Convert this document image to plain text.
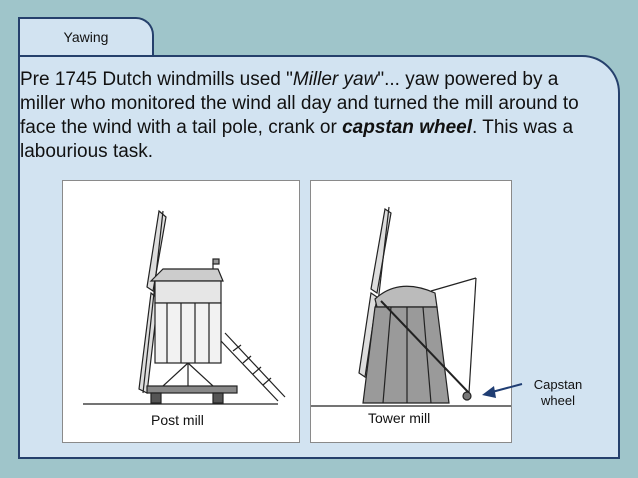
Yawing

Pre 1745 Dutch windmills used "Miller yaw"... yaw powered by a miller who monitored the wind all day and turned the mill around to face the wind with a tail pole, crank or capstan wheel. This was a labourious task.

Post mill	Tower mill
Capstan
wheel
